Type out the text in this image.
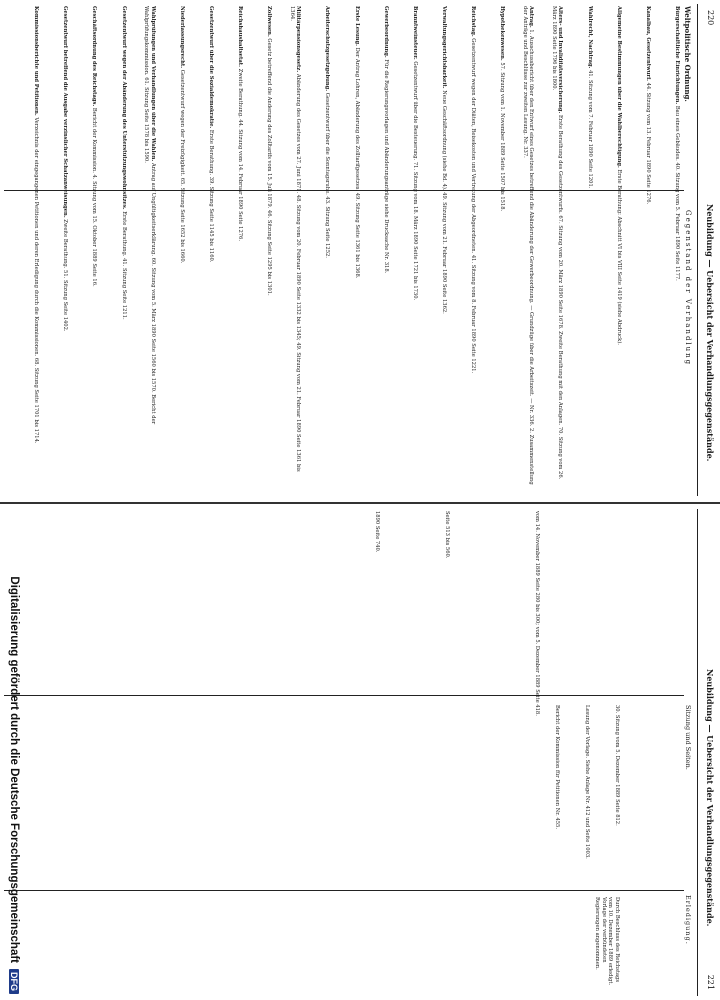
220
Neubildung — Uebersicht der Verhandlungsgegenstände.
Weltpolitische Ordnung.
Gegenstand der Verhandlung
Bürgerschaftliche Einrichtungen. Bau eines Gebäudes. 40. Sitzung vom 5. Februar 1890 Seite 1177.
Kanalbau, Gesetzentwurf. 44. Sitzung vom 13. Februar 1890 Seite 1276.
Allgemeine Bestimmungen über die Wahlberechtigung. Erste Berathung: Abschnitt VI bis VIII Seite 1419 (siehe Abdruck).
Wahlrecht, Nachtrag. 41. Sitzung vom 7. Februar 1890 Seite 1201.
Alters- und Invaliditätsversicherung. Erste Berathung des Gesetzentwurfs. 67. Sitzung vom 20. März 1890 Seite 1678. Zweite Berathung mit den Anlagen. 70. Sitzung vom 26. März 1890 Seite 1796 bis 1800.
Antrag. 1. Ausschussbericht über den Entwurf eines Gesetzes betreffend die Abänderung der Gewerbeordnung. — Grundzüge über die Arbeitszeit. — Nr. 336. 2. Zusammenstellung der Anträge und Beschlüsse zur zweiten Lesung. Nr. 337.
Hypothekenwesen. 57. Sitzung vom 1. November 1889 Seite 1507 bis 1518.
Reichstag. Gesetzentwurf wegen der Diäten, Reisekosten und Vertretung der Abgeordneten. 41. Sitzung vom 8. Februar 1890 Seite 1221.
Verwaltungsgerichtsbarkeit. Neue Geschäftsordnung (siehe Bd. 4). 49. Sitzung vom 21. Februar 1890 Seite 1362.
Branntweinsteuer. Gesetzentwurf über die Besteuerung. 71. Sitzung vom 18. März 1890 Seite 1721 bis 1730.
Gewerbeordnung. Für die Regierungsvorlagen und Abänderungsanträge siehe Drucksache Nr. 318.
Erste Lesung. Der Antrag Lohren, Abänderung des Zolltarifgesetzes. 49. Sitzung Seite 1361 bis 1368.
Arbeiterschutzgesetzgebung. Gesetzentwurf über die Sonntagsruhe. 43. Sitzung Seite 1252.
Militärpensionsgesetz. Abänderung des Gesetzes vom 27. Juni 1871. 48. Sitzung vom 20. Februar 1890 Seite 1332 bis 1345; 49. Sitzung vom 21. Februar 1890 Seite 1361 bis 1364.
Zollwesen. Gesetz betreffend die Änderung des Zolltarifs vom 15. Juli 1879. 46. Sitzung Seite 1295 bis 1301.
Reichshaushaltsetat. Zweite Berathung. 44. Sitzung vom 14. Februar 1890 Seite 1276.
Gesetzentwurf über die Sozialdemokratie. Erste Berathung. 39. Sitzung Seite 1145 bis 1160.
Niederlassungsrecht. Gesetzentwurf wegen der Freizügigkeit. 65. Sitzung Seite 1652 bis 1660.
Wahlprüfungen und Verhandlungen über die Wahlen. Antrag auf Ungültigkeitserklärung. 60. Sitzung vom 5. März 1890 Seite 1560 bis 1570. Bericht der Wahlprüfungskommission. 61. Sitzung Seite 1578 bis 1590.
Gesetzentwurf wegen der Abänderung des Unterstützungswohnsitzes. Erste Berathung. 41. Sitzung Seite 1211.
Geschäftsordnung des Reichstags. Bericht der Kommission. 4. Sitzung vom 15. Oktober 1889 Seite 16.
Gesetzentwurf betreffend die Ausgabe verzinslicher Schatzanweisungen. Zweite Berathung. 51. Sitzung Seite 1402.
Kommissionsberichte und Petitionen. Verzeichnis der eingegangenen Petitionen und deren Erledigung durch die Kommissionen. 68. Sitzung Seite 1701 bis 1714.
Neubildung — Uebersicht der Verhandlungsgegenstände.
221
Sitzung und Seiten.
Erledigung.
vom 14. November 1889 Seite 280 bis 300; vom 5. Dezember 1889 Seite 418.
Seite 513 bis 560.
1890 Seite 740.
30. Sitzung vom 5. Dezember 1889 Seite 812.
Lesung der Vorlage. Siehe Anlage Nr. 412 und Seite 1003.
Bericht der Kommission für Petitionen Nr. 455.
Durch Beschluss des Reichstags vom 10. Dezember 1889 erledigt. Vorlage der verbündeten Regierungen angenommen.
Digitalisierung gefördert durch die Deutsche ForschungsgemeinschaftDFG
